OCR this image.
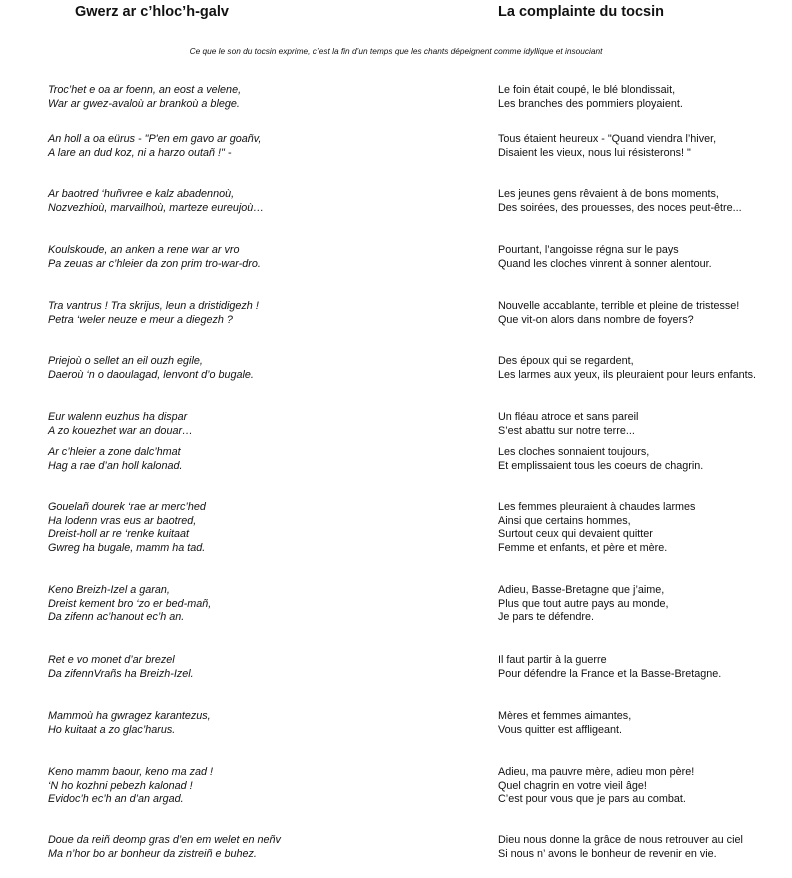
Gwerz ar c’hloc’h-galv	La complainte du tocsin
Ce que le son du tocsin exprime, c’est la fin d’un temps que les chants dépeignent comme idyllique et insouciant
Troc’het e oa ar foenn, an eost a velene,
War ar gwez-avaloù ar brankoù a blege.
An holl a oa eürus - "P'en em gavo ar goañv,
A lare an dud koz, ni a harzo outañ !" -
Ar baotred ‘huñvree e kalz abadennoù,
Nozvezhioù, marvailhoù, marteze eureujoù…
Koulskoude, an anken a rene war ar vro
Pa zeuas ar c’hleier da zon prim tro-war-dro.
Tra vantrus ! Tra skrijus, leun a dristidigezh !
Petra ‘weler neuze e meur a diegezh ?
Priejoù o sellet an eil ouzh egile,
Daeroù ‘n o daoulagad, lenvont d’o bugale.
Eur walenn euzhus ha dispar
A zo kouezhet war an douar…
Ar c’hleier a zone dalc’hmat
Hag a rae d’an holl kalonad.
Gouelañ dourek ‘rae ar merc’hed
Ha lodenn vras eus ar baotred,
Dreist-holl ar re ‘renke kuitaat
Gwreg ha bugale, mamm ha tad.
Keno Breizh-Izel a garan,
Dreist kement bro ‘zo er bed-mañ,
Da zifenn ac’hanout ec’h an.
Ret e vo monet d’ar brezel
Da zifennVrañs ha Breizh-Izel.
Mammoù ha gwragez karantezus,
Ho kuitaat a zo glac’harus.
Keno mamm baour, keno ma zad !
‘N ho kozhni pebezh kalonad !
Evidoc’h ec’h an d’an argad.
Doue da reiñ deomp gras d’en em welet en neñv
Ma n’hor bo ar bonheur da zistreiñ e buhez.
Le foin était coupé, le blé blondissait,
Les branches des pommiers ployaient.
Tous étaient heureux - "Quand viendra l’hiver,
Disaient les vieux, nous lui résisterons! "
Les jeunes gens rêvaient à de bons moments,
Des soirées, des prouesses, des noces peut-être...
Pourtant, l’angoisse régna sur le pays
Quand les cloches vinrent à sonner alentour.
Nouvelle accablante, terrible et pleine de tristesse!
Que vit-on alors dans nombre de foyers?
Des époux qui se regardent,
Les larmes aux yeux, ils pleuraient pour leurs enfants.
Un fléau atroce et sans pareil
S’est abattu sur notre terre...
Les cloches sonnaient toujours,
Et emplissaient tous les coeurs de chagrin.
Les femmes pleuraient à chaudes larmes
Ainsi que certains hommes,
Surtout ceux qui devaient quitter
Femme et enfants, et père et mère.
Adieu, Basse-Bretagne que j’aime,
Plus que tout autre pays au monde,
Je pars te défendre.
Il faut partir à la guerre
Pour défendre la France et la Basse-Bretagne.
Mères et femmes aimantes,
Vous quitter est affligeant.
Adieu, ma pauvre mère, adieu mon père!
Quel chagrin en votre vieil âge!
C’est pour vous que je pars au combat.
Dieu nous donne la grâce de nous retrouver au ciel
Si nous n’ avons le bonheur de revenir en vie.
